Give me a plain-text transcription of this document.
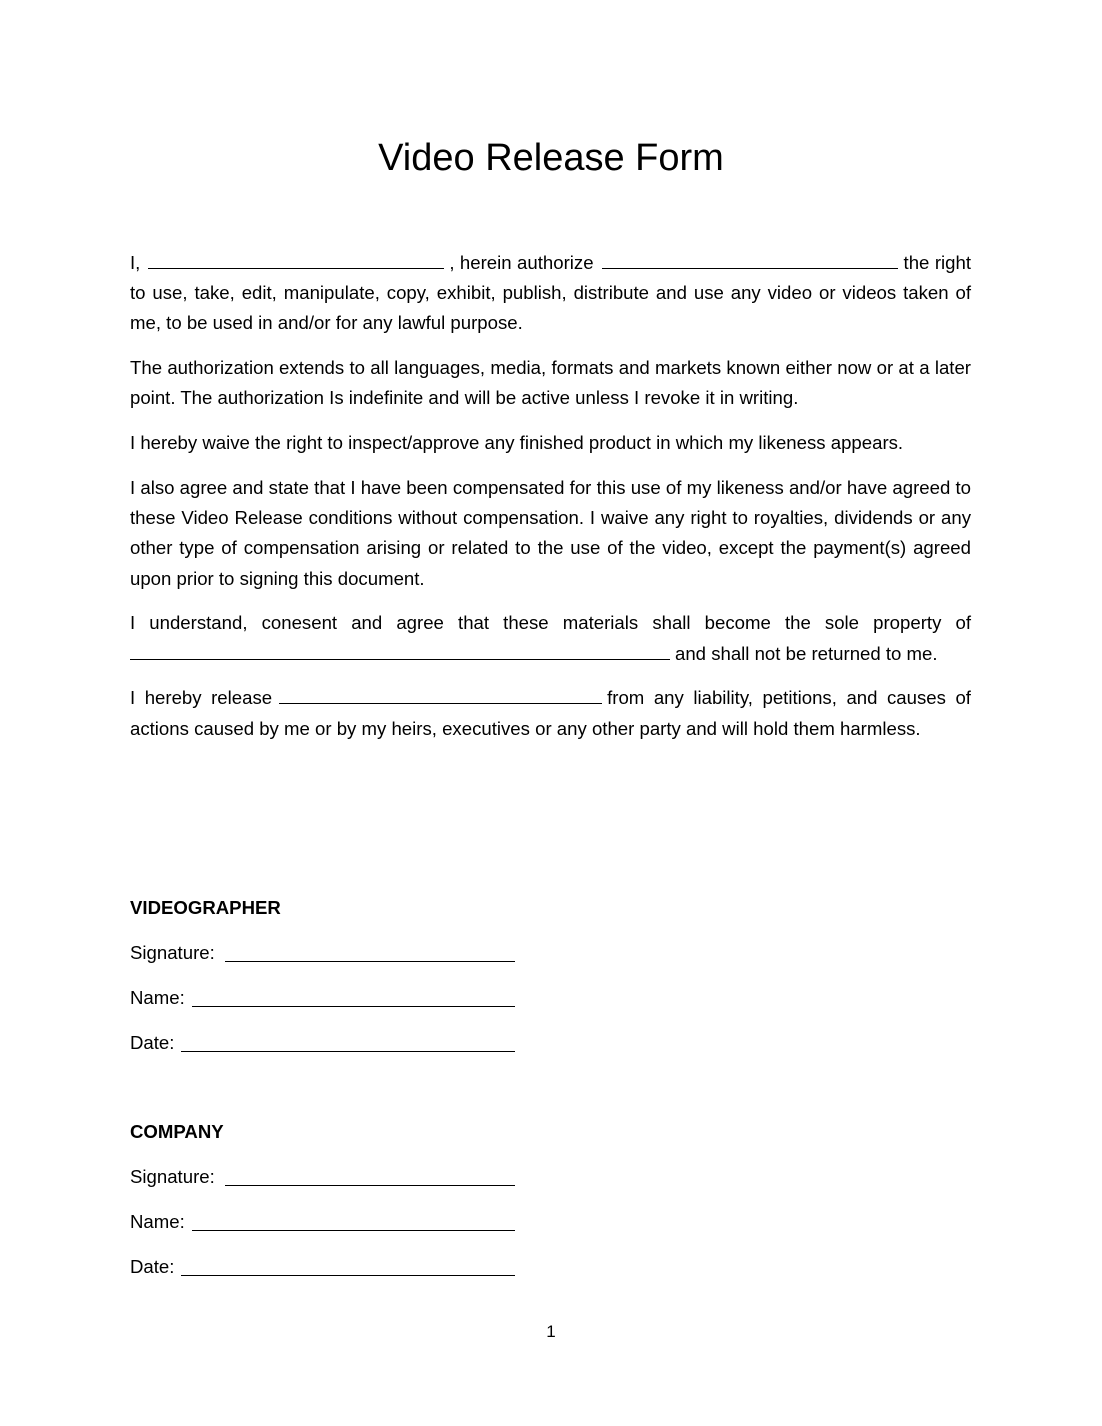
Video Release Form

I,	, herein authorize	the right to use, take, edit, manipulate, copy, exhibit, publish, distribute and use any video or videos taken of me, to be used in and/or for any lawful purpose.

The authorization extends to all languages, media, formats and markets known either now or at a later point. The authorization Is indefinite and will be active unless I revoke it in writing.

I hereby waive the right to inspect/approve any finished product in which my likeness appears.

I also agree and state that I have been compensated for this use of my likeness and/or have agreed to these Video Release conditions without compensation. I waive any right to royalties, dividends or any other type of compensation arising or related to the use of the video, except the payment(s) agreed upon prior to signing this document.

I understand, conesent and agree that these materials shall become the sole property of and shall not be returned to me.

I hereby release	from any liability, petitions, and causes of actions caused by me or by my heirs, executives or any other party and will hold them harmless.

VIDEOGRAPHER
Signature:
Name:
Date:
COMPANY
Signature:
Name:
Date:
1
